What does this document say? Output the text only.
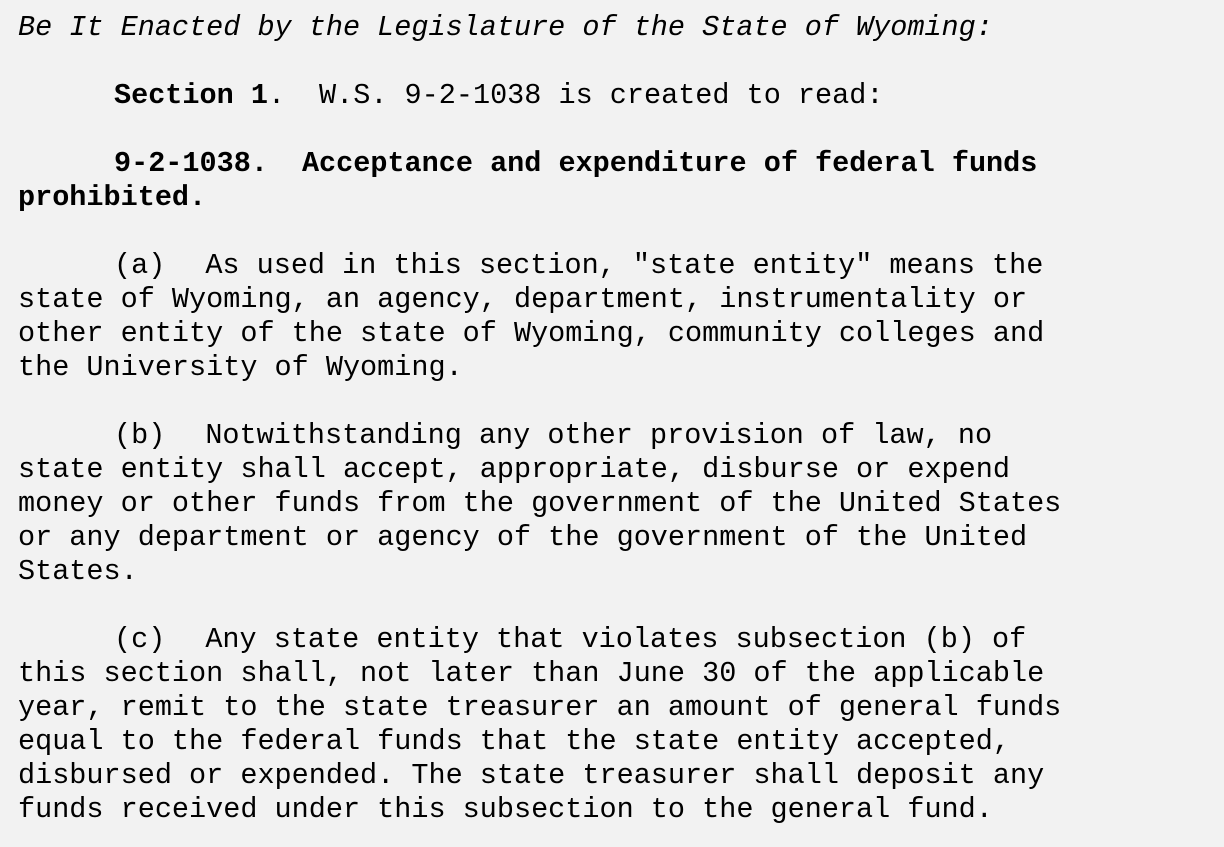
Be It Enacted by the Legislature of the State of Wyoming:
Section 1. W.S. 9-2-1038 is created to read:
9-2-1038. Acceptance and expenditure of federal funds
prohibited.
(a) As used in this section, "state entity" means the
state of Wyoming, an agency, department, instrumentality or
other entity of the state of Wyoming, community colleges and
the University of Wyoming.
(b) Notwithstanding any other provision of law, no
state entity shall accept, appropriate, disburse or expend
money or other funds from the government of the United States
or any department or agency of the government of the United
States.
(c) Any state entity that violates subsection (b) of
this section shall, not later than June 30 of the applicable
year, remit to the state treasurer an amount of general funds
equal to the federal funds that the state entity accepted,
disbursed or expended. The state treasurer shall deposit any
funds received under this subsection to the general fund.
